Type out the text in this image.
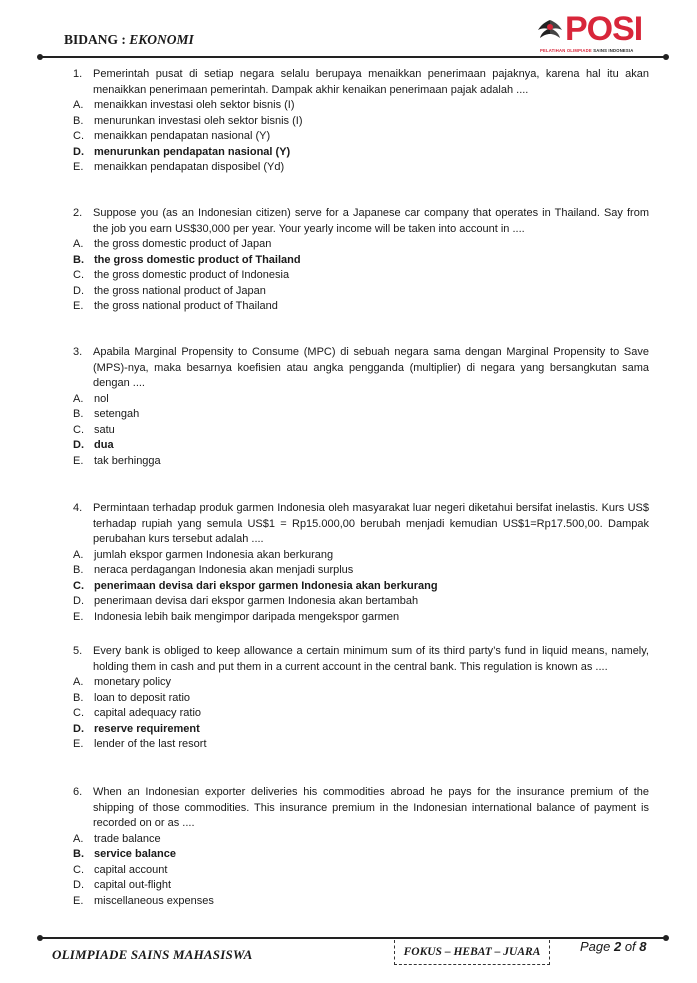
BIDANG : EKONOMI	POSI
PELATIHAN OLIMPIADE SAINS INDONESIA
1. Pemerintah pusat di setiap negara selalu berupaya menaikkan penerimaan pajaknya, karena hal itu akan menaikkan penerimaan pemerintah. Dampak akhir kenaikan penerimaan pajak adalah ....
A. menaikkan investasi oleh sektor bisnis (I)
B. menurunkan investasi oleh sektor bisnis (I)
C. menaikkan pendapatan nasional (Y)
D. menurunkan pendapatan nasional (Y)
E. menaikkan pendapatan disposibel (Yd)
2. Suppose you (as an Indonesian citizen) serve for a Japanese car company that operates in Thailand. Say from the job you earn US$30,000 per year. Your yearly income will be taken into account in ....
A. the gross domestic product of Japan
B. the gross domestic product of Thailand
C. the gross domestic product of Indonesia
D. the gross national product of Japan
E. the gross national product of Thailand
3. Apabila Marginal Propensity to Consume (MPC) di sebuah negara sama dengan Marginal Propensity to Save (MPS)-nya, maka besarnya koefisien atau angka pengganda (multiplier) di negara yang bersangkutan sama dengan ....
A. nol
B. setengah
C. satu
D. dua
E. tak berhingga
4. Permintaan terhadap produk garmen Indonesia oleh masyarakat luar negeri diketahui bersifat inelastis. Kurs US$ terhadap rupiah yang semula US$1 = Rp15.000,00 berubah menjadi kemudian US$1=Rp17.500,00. Dampak perubahan kurs tersebut adalah ....
A. jumlah ekspor garmen Indonesia akan berkurang
B. neraca perdagangan Indonesia akan menjadi surplus
C. penerimaan devisa dari ekspor garmen Indonesia akan berkurang
D. penerimaan devisa dari ekspor garmen Indonesia akan bertambah
E. Indonesia lebih baik mengimpor daripada mengekspor garmen
5. Every bank is obliged to keep allowance a certain minimum sum of its third party’s fund in liquid means, namely, holding them in cash and put them in a current account in the central bank. This regulation is known as ....
A. monetary policy
B. loan to deposit ratio
C. capital adequacy ratio
D. reserve requirement
E. lender of the last resort
6. When an Indonesian exporter deliveries his commodities abroad he pays for the insurance premium of the shipping of those commodities. This insurance premium in the Indonesian international balance of payment is recorded on or as ....
A. trade balance
B. service balance
C. capital account
D. capital out-flight
E. miscellaneous expenses
OLIMPIADE SAINS MAHASISWA	FOKUS – HEBAT – JUARA	Page 2 of 8
